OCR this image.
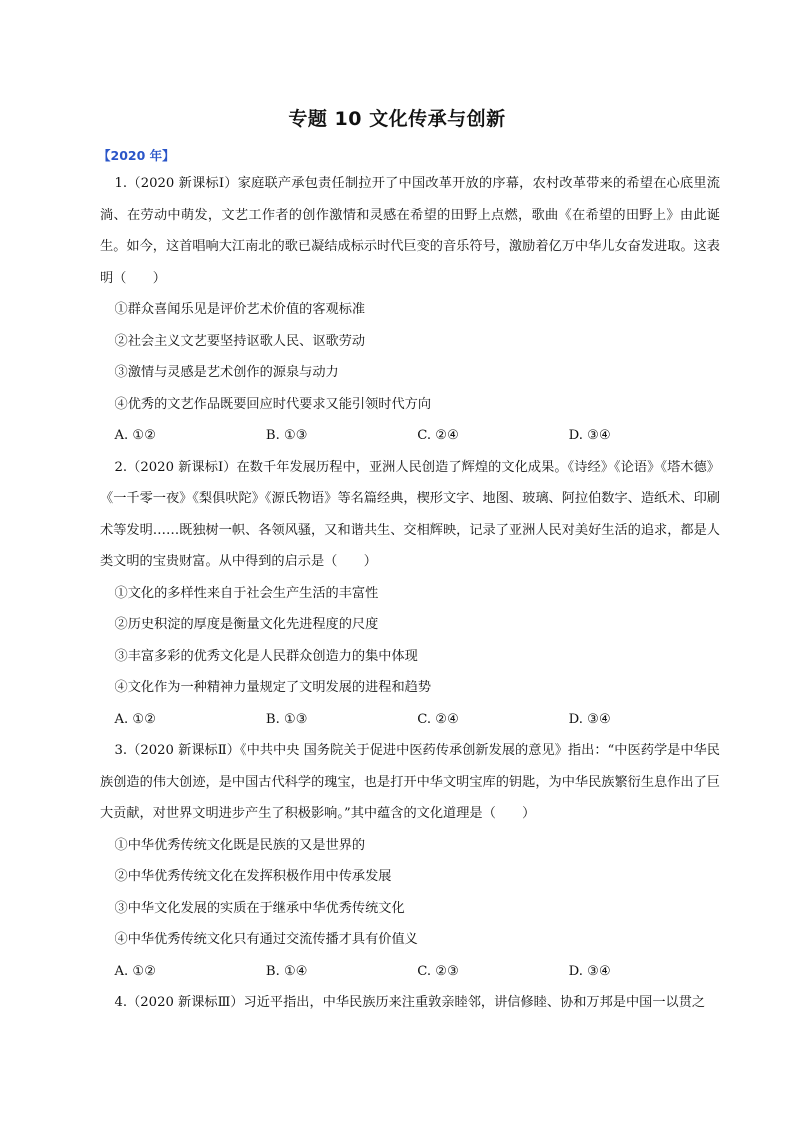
专题 10 文化传承与创新
【2020 年】

1.（2020 新课标Ⅰ）家庭联产承包责任制拉开了中国改革开放的序幕，农村改革带来的希望在心底里流淌、在劳动中萌发，文艺工作者的创作激情和灵感在希望的田野上点燃，歌曲《在希望的田野上》由此诞生。如今，这首唱响大江南北的歌已凝结成标示时代巨变的音乐符号，激励着亿万中华儿女奋发进取。这表明（　　）

①群众喜闻乐见是评价艺术价值的客观标准

②社会主义文艺要坚持讴歌人民、讴歌劳动

③激情与灵感是艺术创作的源泉与动力

④优秀的文艺作品既要回应时代要求又能引领时代方向

A. ①②	B. ①③	C. ②④	D. ③④

2.（2020 新课标Ⅰ）在数千年发展历程中，亚洲人民创造了辉煌的文化成果。《诗经》《论语》《塔木德》《一千零一夜》《梨俱吠陀》《源氏物语》等名篇经典，楔形文字、地图、玻璃、阿拉伯数字、造纸术、印刷术等发明……既独树一帜、各领风骚，又和谐共生、交相辉映，记录了亚洲人民对美好生活的追求，都是人类文明的宝贵财富。从中得到的启示是（　　）

①文化的多样性来自于社会生产生活的丰富性

②历史积淀的厚度是衡量文化先进程度的尺度

③丰富多彩的优秀文化是人民群众创造力的集中体现

④文化作为一种精神力量规定了文明发展的进程和趋势

A. ①②	B. ①③	C. ②④	D. ③④

3.（2020 新课标Ⅱ）《中共中央 国务院关于促进中医药传承创新发展的意见》指出：“中医药学是中华民族创造的伟大创迹，是中国古代科学的瑰宝，也是打开中华文明宝库的钥匙，为中华民族繁衍生息作出了巨大贡献，对世界文明进步产生了积极影响。”其中蕴含的文化道理是（　　）

①中华优秀传统文化既是民族的又是世界的

②中华优秀传统文化在发挥积极作用中传承发展

③中华文化发展的实质在于继承中华优秀传统文化

④中华优秀传统文化只有通过交流传播才具有价值义

A. ①②	B. ①④	C. ②③	D. ③④

4.（2020 新课标Ⅲ）习近平指出，中华民族历来注重敦亲睦邻，讲信修睦、协和万邦是中国一以贯之
